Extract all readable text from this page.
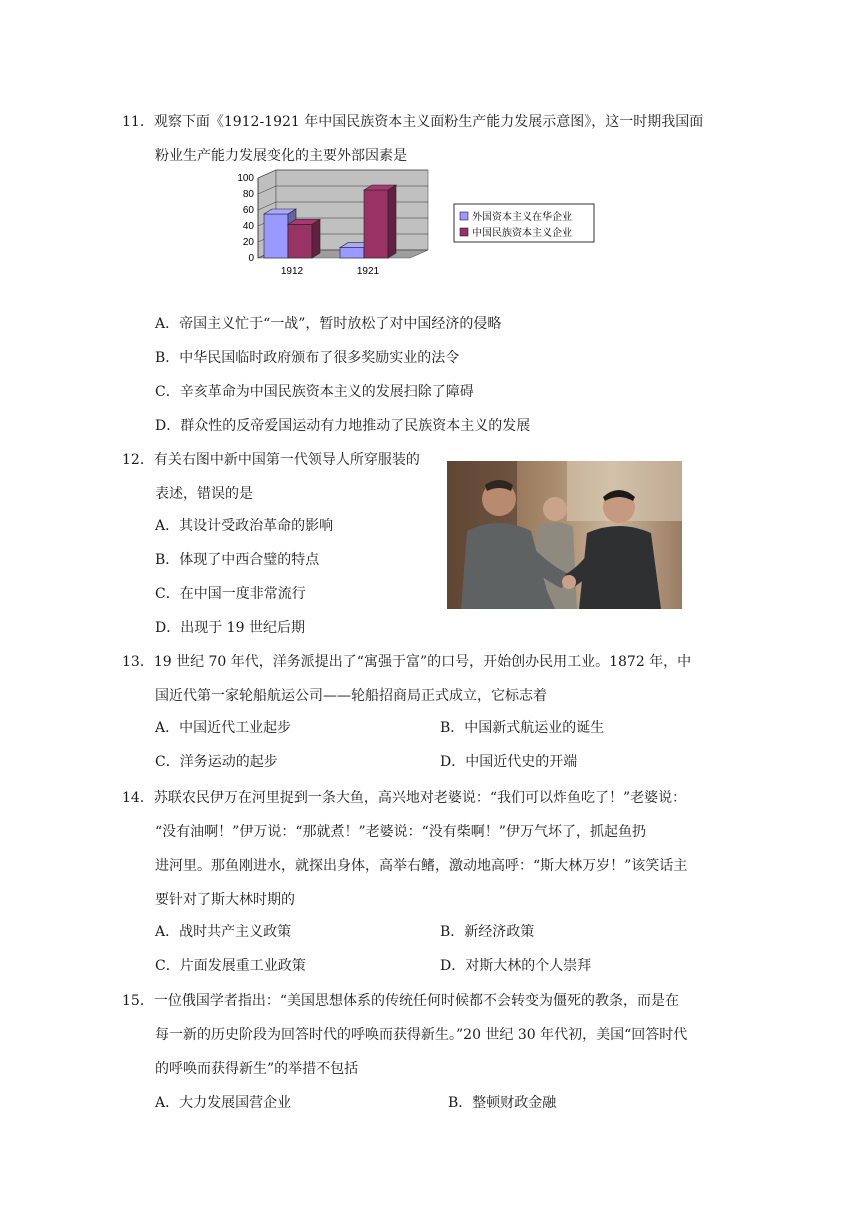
11．观察下面《1912-1921 年中国民族资本主义面粉生产能力发展示意图》，这一时期我国面
粉业生产能力发展变化的主要外部因素是
0
20
40
60
80
100
1912	1921
外国资本主义在华企业
中国民族资本主义企业
A．帝国主义忙于“一战”，暂时放松了对中国经济的侵略
B．中华民国临时政府颁布了很多奖励实业的法令
C．辛亥革命为中国民族资本主义的发展扫除了障碍
D．群众性的反帝爱国运动有力地推动了民族资本主义的发展
12．有关右图中新中国第一代领导人所穿服装的
表述，错误的是
A．其设计受政治革命的影响
B．体现了中西合璧的特点
C．在中国一度非常流行
D．出现于 19 世纪后期
13．19 世纪 70 年代，洋务派提出了“寓强于富”的口号，开始创办民用工业。1872 年，中
国近代第一家轮船航运公司——轮船招商局正式成立，它标志着
A．中国近代工业起步	B．中国新式航运业的诞生
C．洋务运动的起步	D．中国近代史的开端
14．苏联农民伊万在河里捉到一条大鱼，高兴地对老婆说：“我们可以炸鱼吃了！”老婆说：
“没有油啊！”伊万说：“那就煮！”老婆说：“没有柴啊！”伊万气坏了，抓起鱼扔
进河里。那鱼刚进水，就探出身体，高举右鳍，激动地高呼：“斯大林万岁！”该笑话主
要针对了斯大林时期的
A．战时共产主义政策	B．新经济政策
C．片面发展重工业政策	D．对斯大林的个人崇拜
15．一位俄国学者指出：“美国思想体系的传统任何时候都不会转变为僵死的教条，而是在
每一新的历史阶段为回答时代的呼唤而获得新生。”20 世纪 30 年代初，美国“回答时代
的呼唤而获得新生”的举措不包括
A．大力发展国营企业	B．整顿财政金融
